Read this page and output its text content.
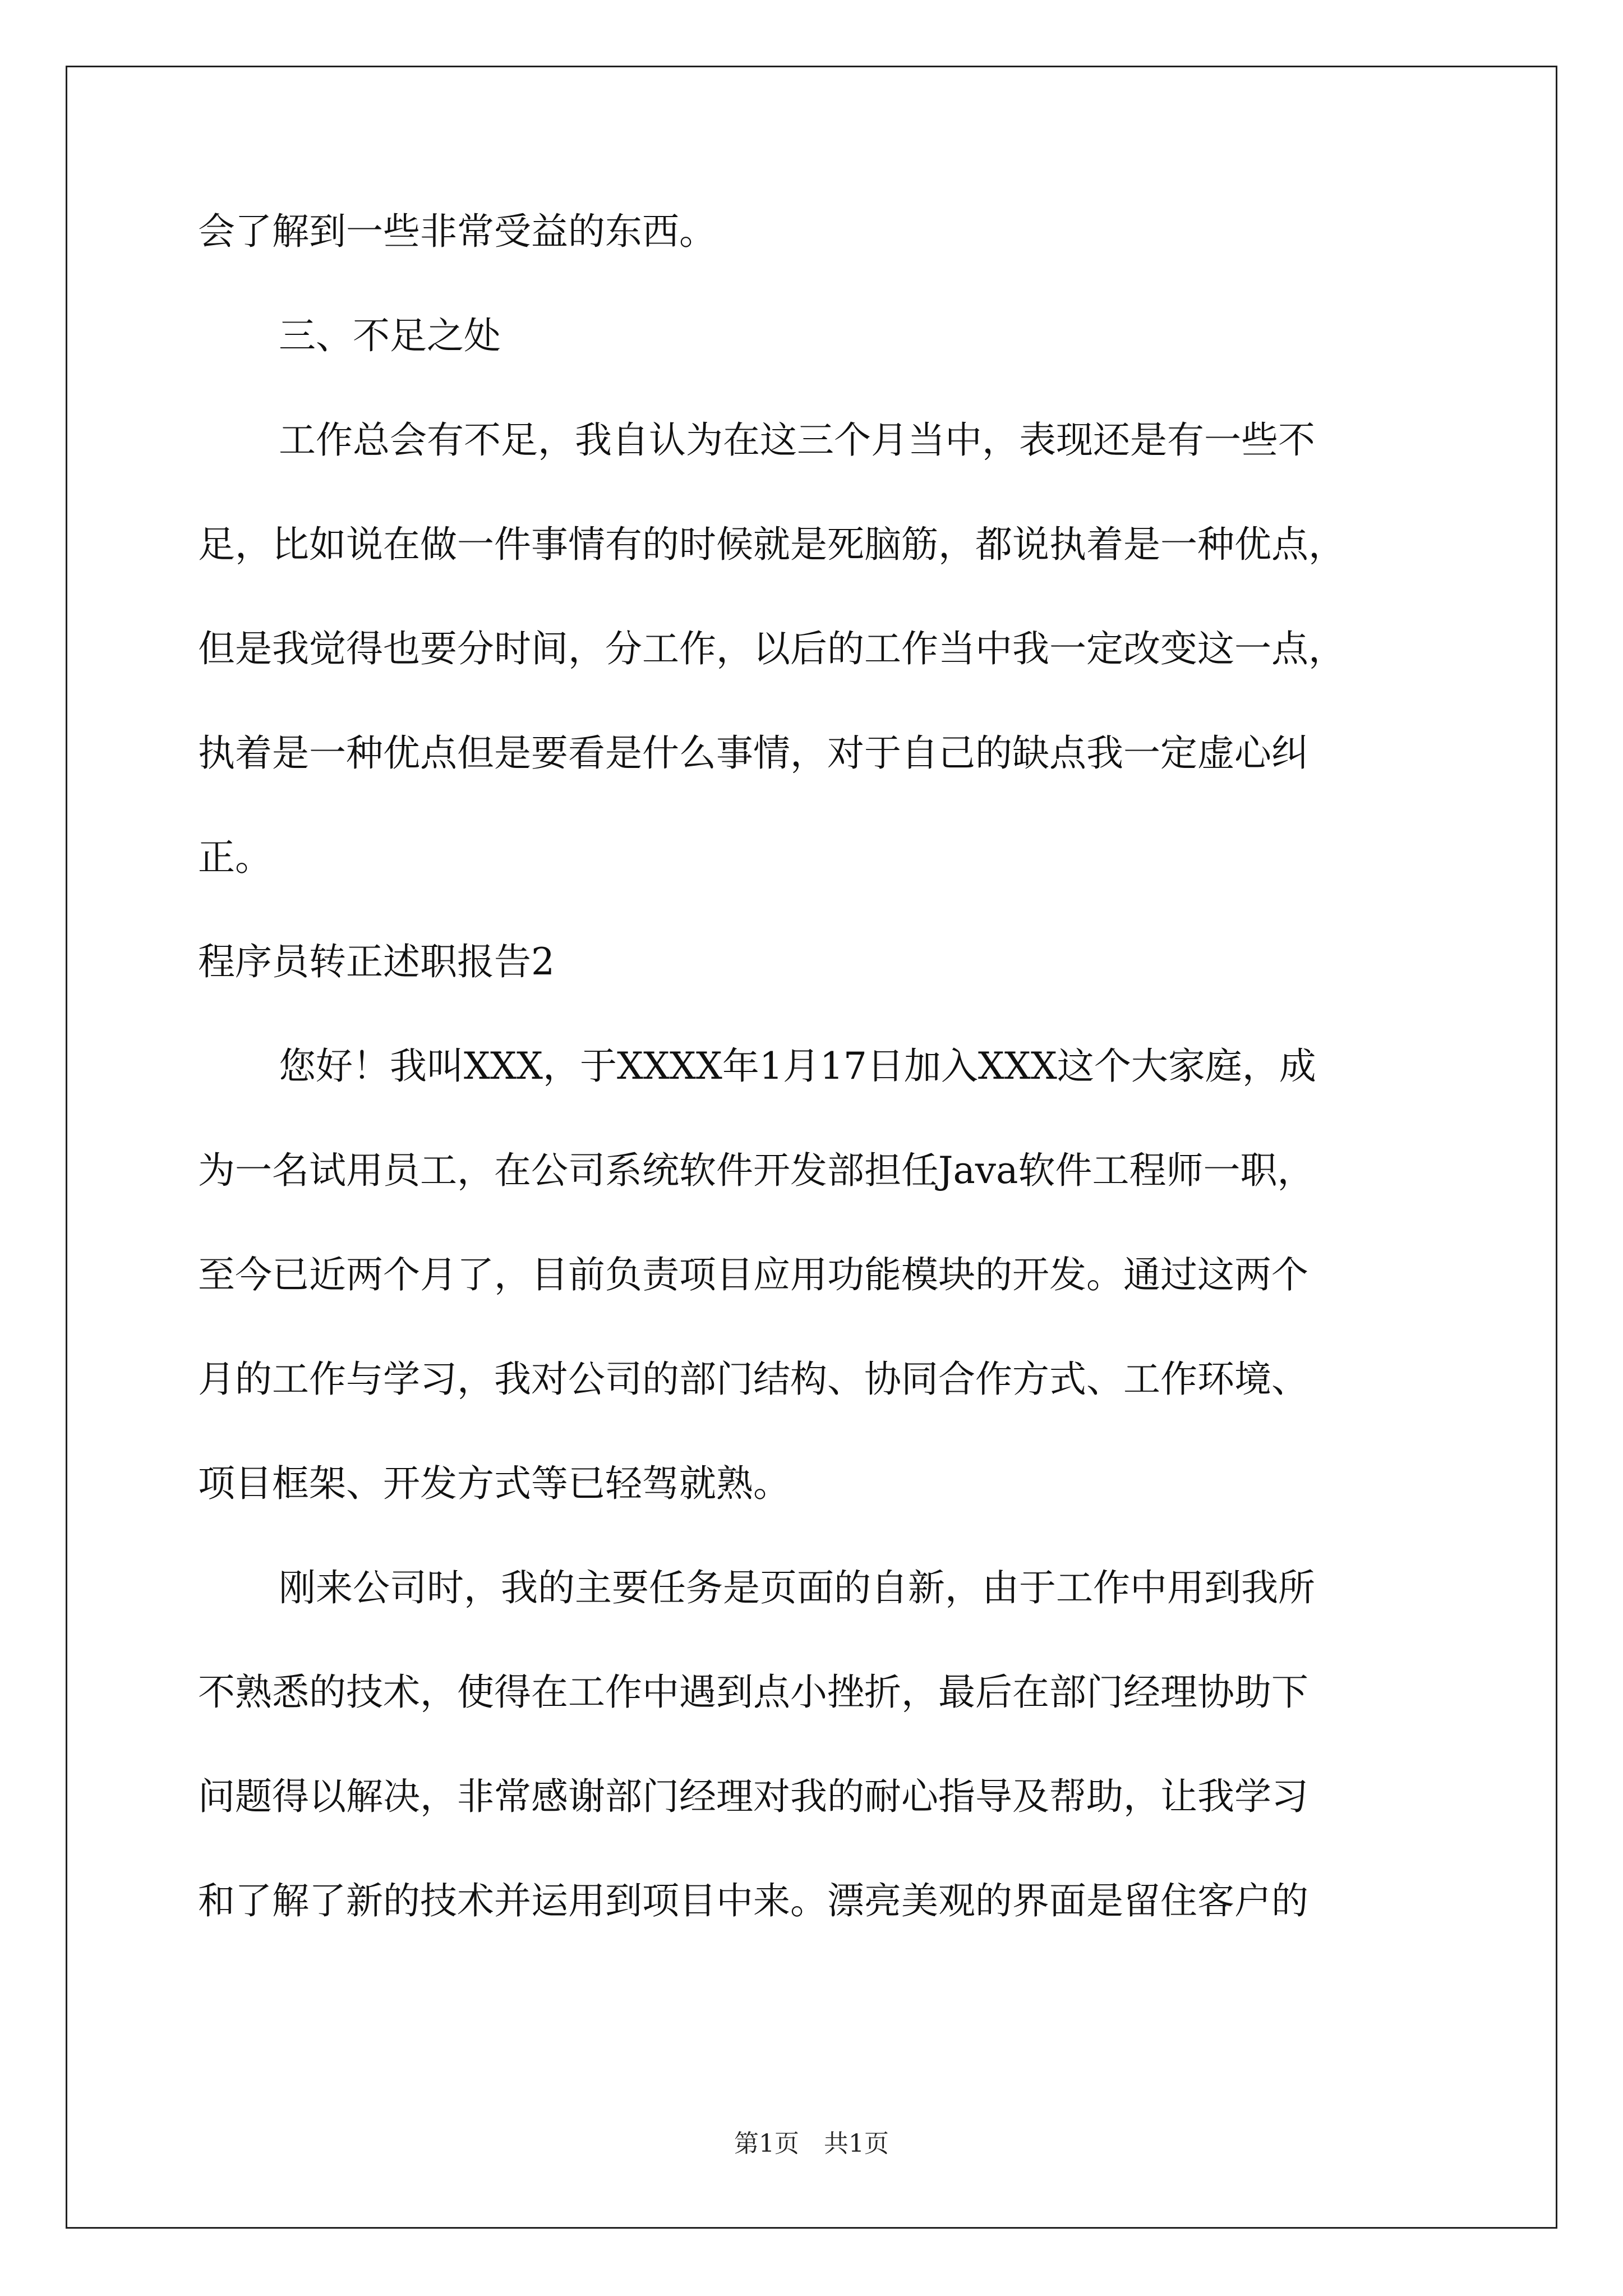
会了解到一些非常受益的东西。
三、不足之处
工作总会有不足，我自认为在这三个月当中，表现还是有一些不
足，比如说在做一件事情有的时候就是死脑筋，都说执着是一种优点，
但是我觉得也要分时间，分工作，以后的工作当中我一定改变这一点，
执着是一种优点但是要看是什么事情，对于自己的缺点我一定虚心纠
正。
程序员转正述职报告2
您好！我叫XXX，于XXXX年1月17日加入XXX这个大家庭，成
为一名试用员工，在公司系统软件开发部担任Java软件工程师一职，
至今已近两个月了，目前负责项目应用功能模块的开发。通过这两个
月的工作与学习，我对公司的部门结构、协同合作方式、工作环境、
项目框架、开发方式等已轻驾就熟。
刚来公司时，我的主要任务是页面的自新，由于工作中用到我所
不熟悉的技术，使得在工作中遇到点小挫折，最后在部门经理协助下
问题得以解决，非常感谢部门经理对我的耐心指导及帮助，让我学习
和了解了新的技术并运用到项目中来。漂亮美观的界面是留住客户的
第1页　共1页
